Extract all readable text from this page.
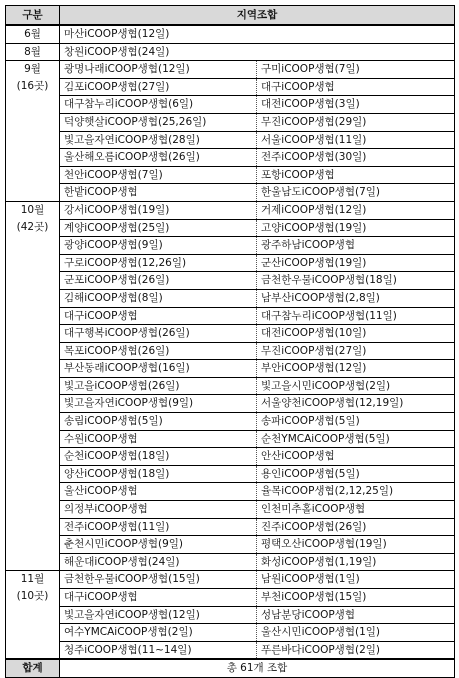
구분	지역조합	

6월	마산iCOOP생협(12일)	

8월	창원iCOOP생협(24일)	

9월
(16곳)	광명나래iCOOP생협(12일)	구미iCOOP생협(7일)
	김포iCOOP생협(27일)	대구iCOOP생협
	대구참누리iCOOP생협(6일)	대전iCOOP생협(3일)
	덕양햇살iCOOP생협(25,26일)	무진iCOOP생협(29일)
	빛고을자연iCOOP생협(28일)	서울iCOOP생협(11일)
	울산해오름iCOOP생협(26일)	전주iCOOP생협(30일)
	천안iCOOP생협(7일)	포항iCOOP생협
	한밭iCOOP생협	한울남도iCOOP생협(7일)

10월
(42곳)	강서iCOOP생협(19일)	거제iCOOP생협(12일)
	계양iCOOP생협(25일)	고양iCOOP생협(19일)
	광양iCOOP생협(9일)	광주하남iCOOP생협
	구로iCOOP생협(12,26일)	군산iCOOP생협(19일)
	군포iCOOP생협(26일)	금천한우물iCOOP생협(18일)
	김해iCOOP생협(8일)	남부산iCOOP생협(2,8일)
	대구iCOOP생협	대구참누리iCOOP생협(11일)
	대구행복iCOOP생협(26일)	대전iCOOP생협(10일)
	목포iCOOP생협(26일)	무진iCOOP생협(27일)
	부산동래iCOOP생협(16일)	부안iCOOP생협(12일)
	빛고을iCOOP생협(26일)	빛고을시민iCOOP생협(2일)
	빛고을자연iCOOP생협(9일)	서울양천iCOOP생협(12,19일)
	송림iCOOP생협(5일)	송파iCOOP생협(5일)
	수원iCOOP생협	순천YMCAiCOOP생협(5일)
	순천iCOOP생협(18일)	안산iCOOP생협
	양산iCOOP생협(18일)	용인iCOOP생협(5일)
	울산iCOOP생협	율목iCOOP생협(2,12,25일)
	의정부iCOOP생협	인천미추홀iCOOP생협
	전주iCOOP생협(11일)	진주iCOOP생협(26일)
	춘천시민iCOOP생협(9일)	평택오산iCOOP생협(19일)
	해운대iCOOP생협(24일)	화성iCOOP생협(1,19일)

11월
(10곳)	금천한우물iCOOP생협(15일)	남원iCOOP생협(1일)
	대구iCOOP생협	부천iCOOP생협(15일)
	빛고을자연iCOOP생협(12일)	성남분당iCOOP생협
	여수YMCAiCOOP생협(2일)	울산시민iCOOP생협(1일)
	청주iCOOP생협(11~14일)	푸른바다iCOOP생협(2일)
합계	총 61개 조합	
